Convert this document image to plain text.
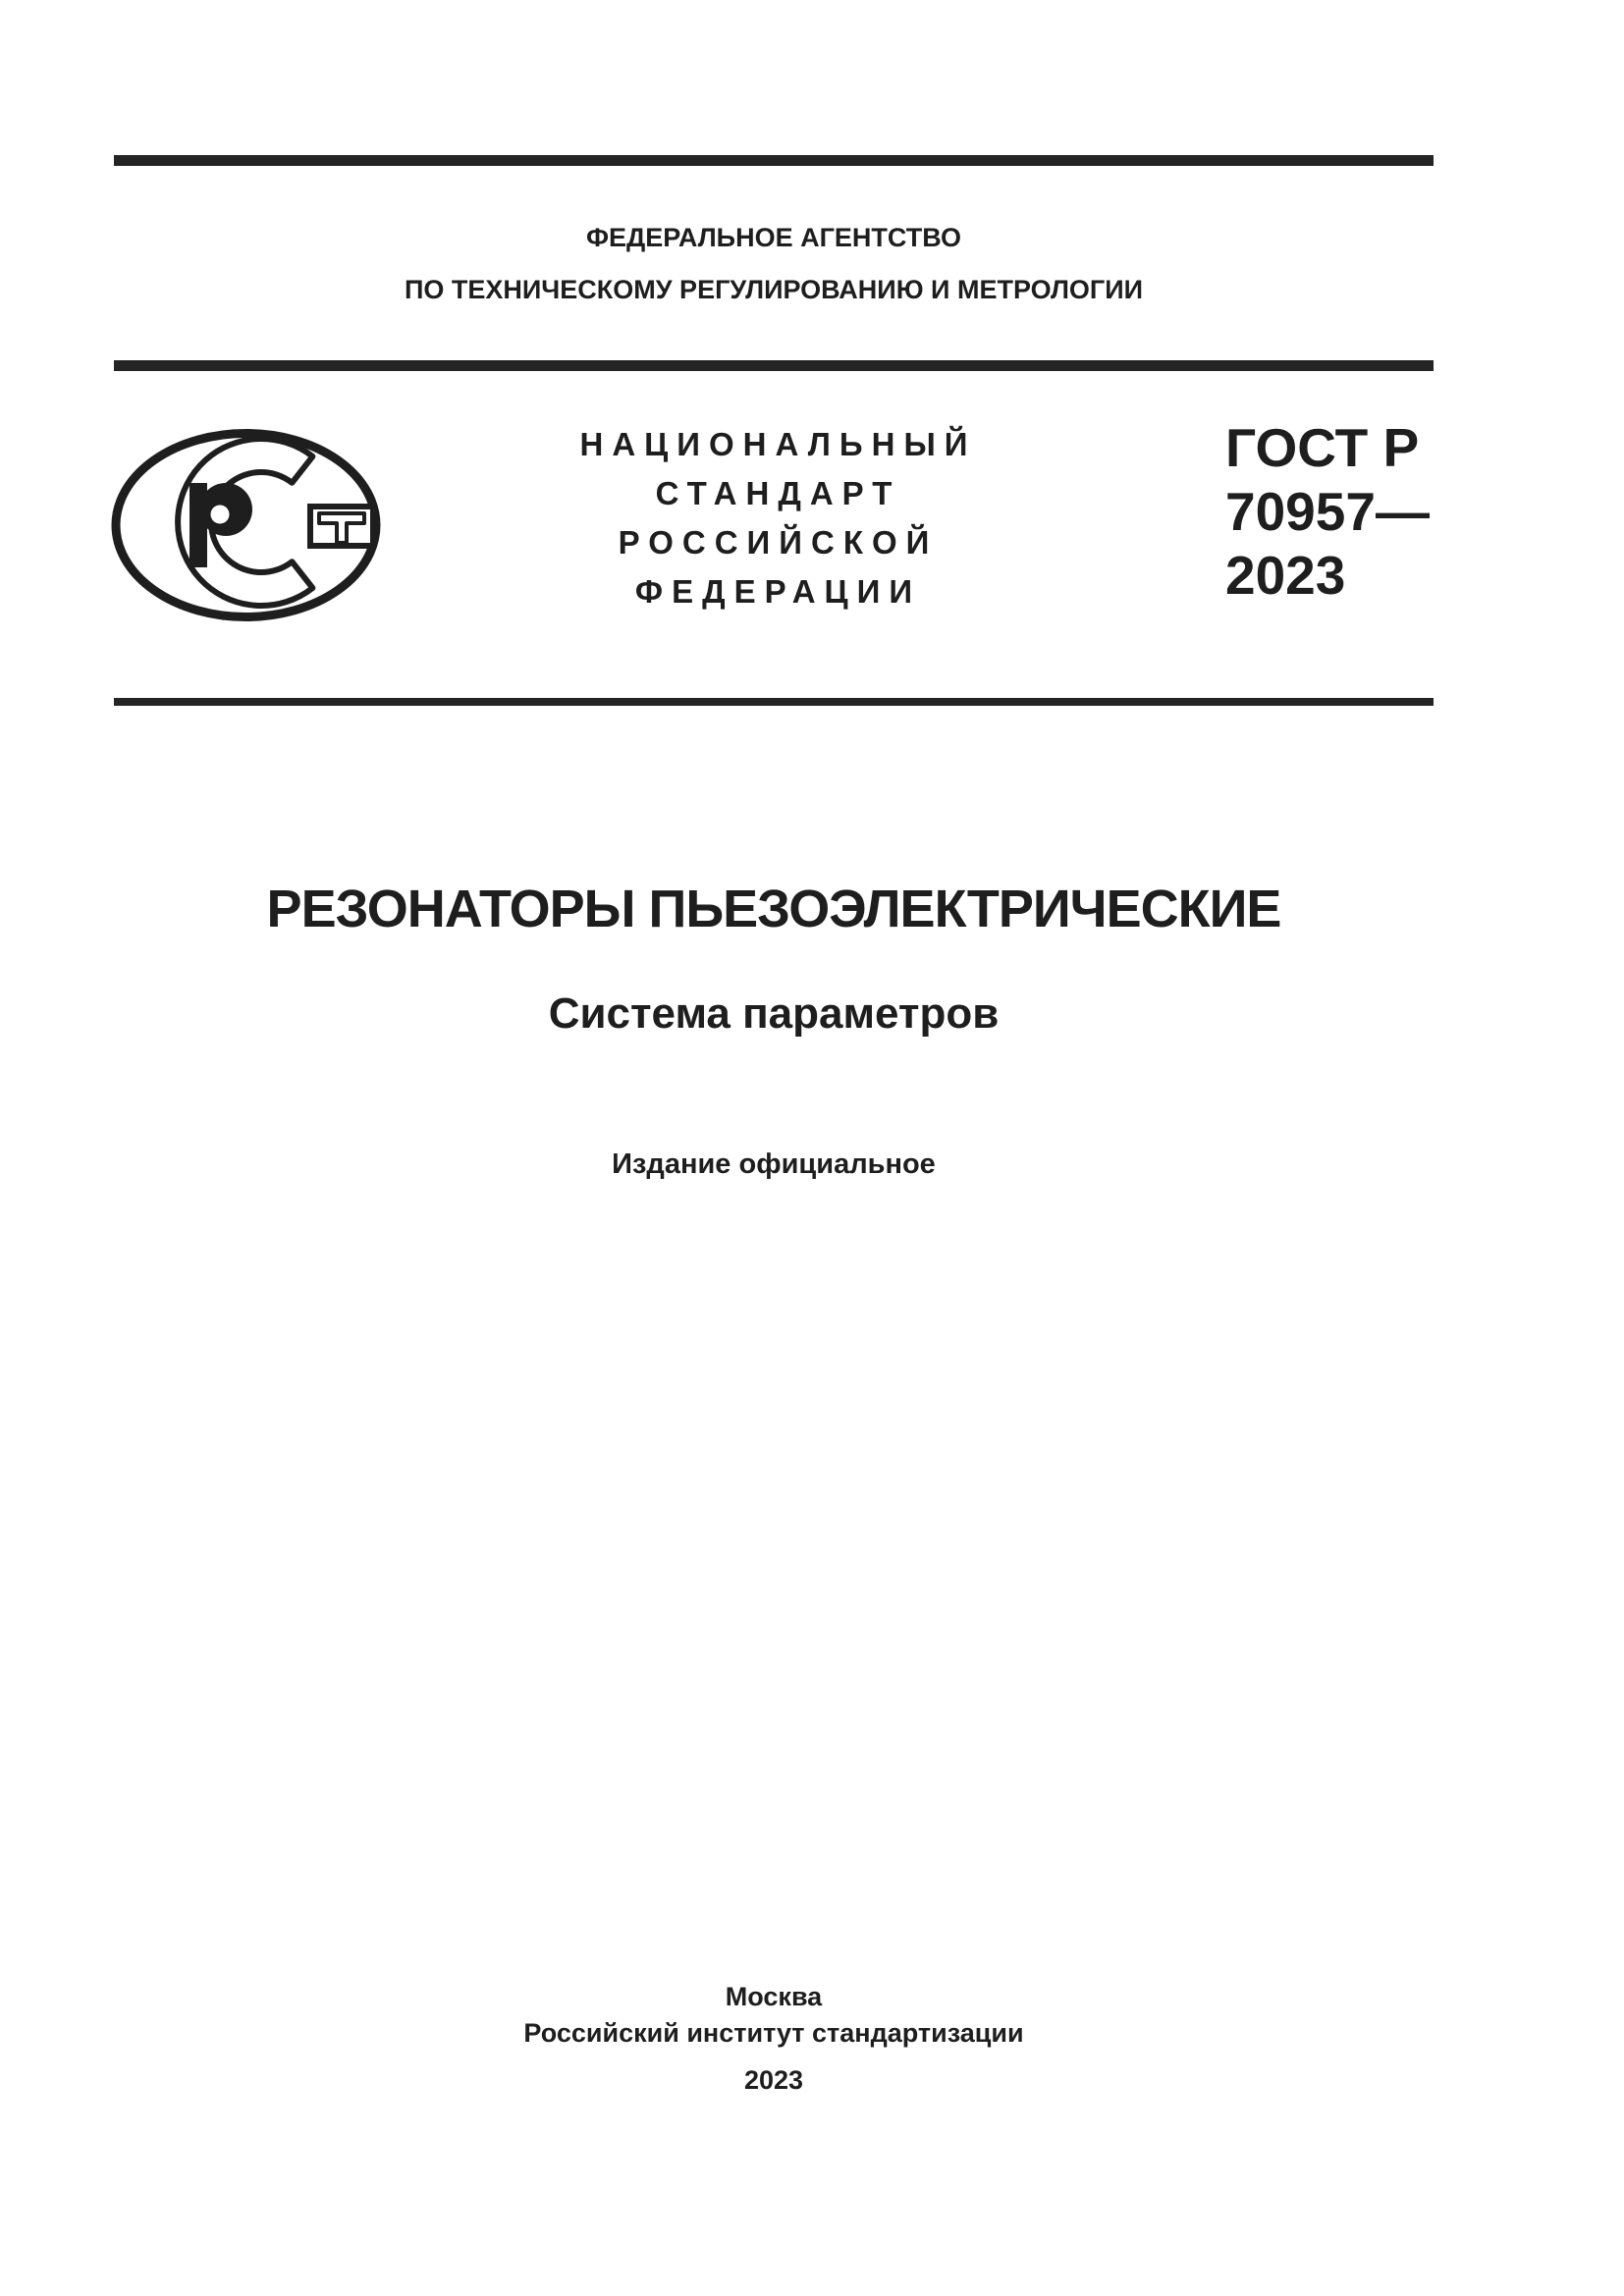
ФЕДЕРАЛЬНОЕ АГЕНТСТВО
ПО ТЕХНИЧЕСКОМУ РЕГУЛИРОВАНИЮ И МЕТРОЛОГИИ
НАЦИОНАЛЬНЫЙ
СТАНДАРТ
РОССИЙСКОЙ
ФЕДЕРАЦИИ
ГОСТ Р
70957—
2023
РЕЗОНАТОРЫ ПЬЕЗОЭЛЕКТРИЧЕСКИЕ
Система параметров
Издание официальное
Москва
Российский институт стандартизации
2023
